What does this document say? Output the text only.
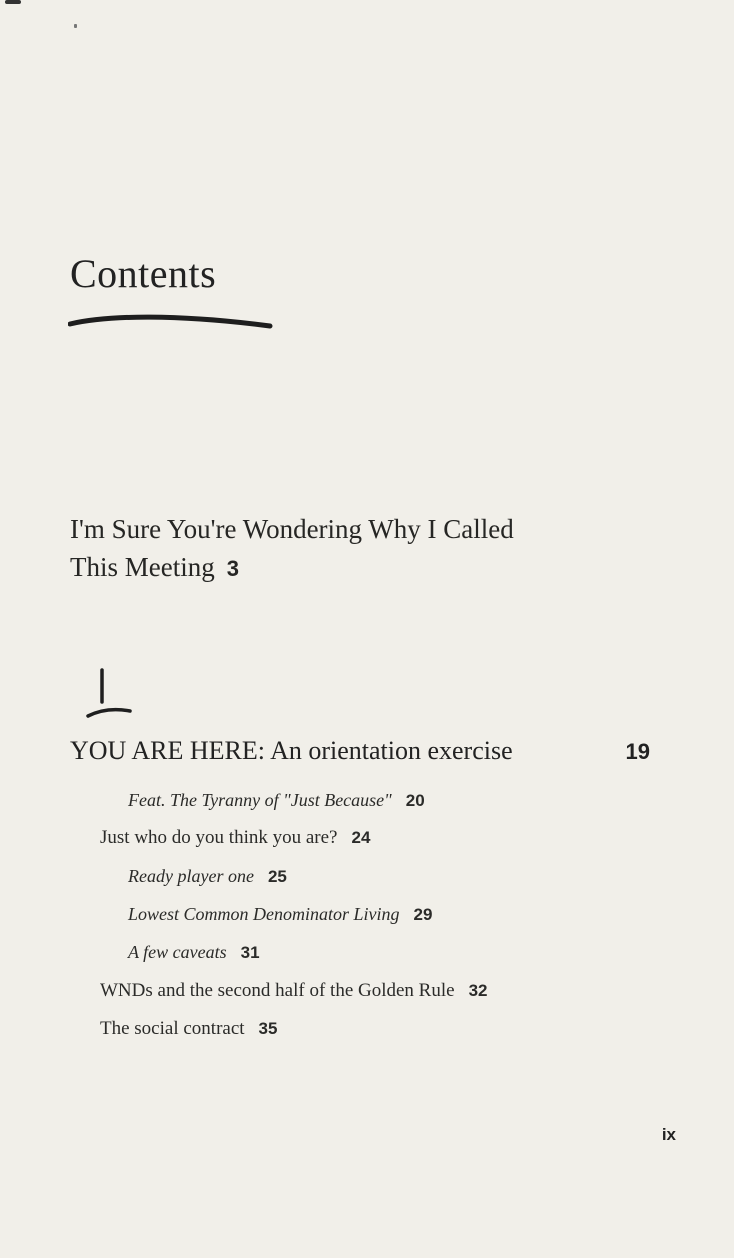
Contents
I'm Sure You're Wondering Why I Called
This Meeting 3
YOU ARE HERE: An orientation exercise	19
Feat. The Tyranny of "Just Because" 20
Just who do you think you are? 24
Ready player one 25
Lowest Common Denominator Living 29
A few caveats 31
WNDs and the second half of the Golden Rule 32
The social contract 35
ix
